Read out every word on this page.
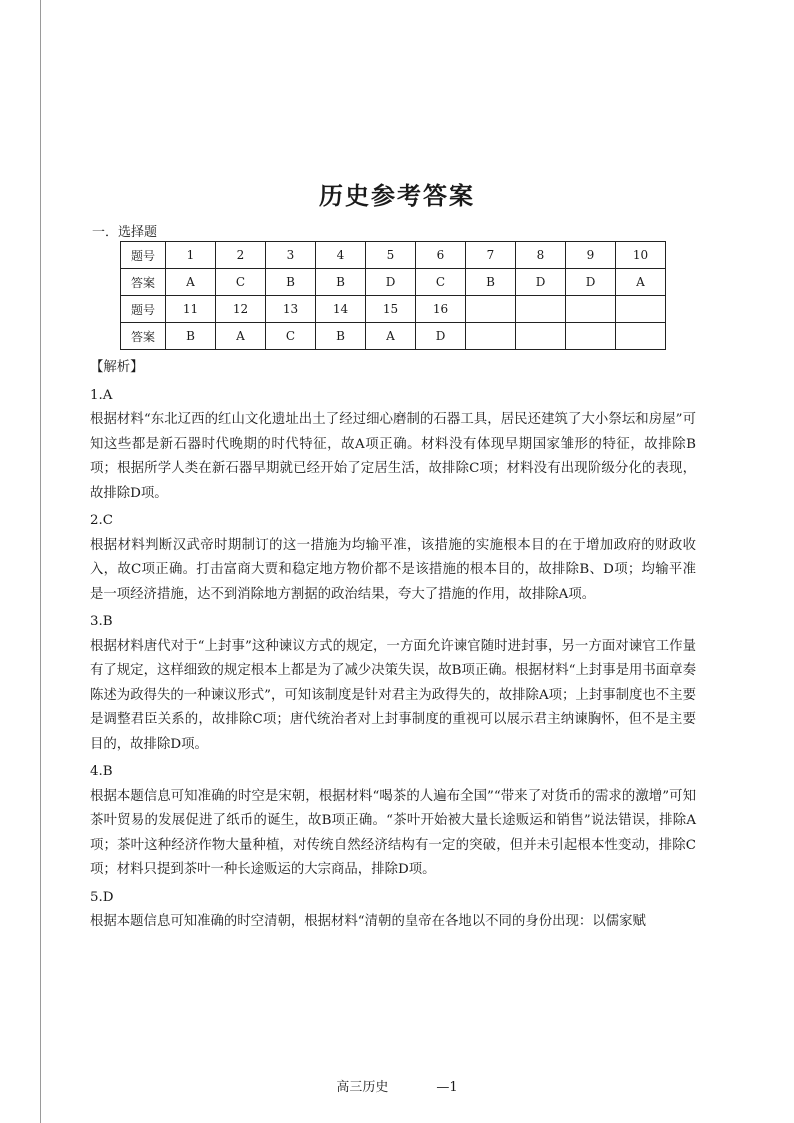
历史参考答案
一．选择题
题号	1	2	3	4	5	6	7	8	9	10
答案	A	C	B	B	D	C	B	D	D	A
题号	11	12	13	14	15	16				
答案	B	A	C	B	A	D				

【解析】

1.A

根据材料“东北辽西的红山文化遗址出土了经过细心磨制的石器工具，居民还建筑了大小祭坛和房屋”可知这些都是新石器时代晚期的时代特征，故A项正确。材料没有体现早期国家雏形的特征，故排除B项；根据所学人类在新石器早期就已经开始了定居生活，故排除C项；材料没有出现阶级分化的表现，故排除D项。

2.C

根据材料判断汉武帝时期制订的这一措施为均输平准，该措施的实施根本目的在于增加政府的财政收入，故C项正确。打击富商大贾和稳定地方物价都不是该措施的根本目的，故排除B、D项；均输平准是一项经济措施，达不到消除地方割据的政治结果，夸大了措施的作用，故排除A项。

3.B

根据材料唐代对于“上封事”这种谏议方式的规定，一方面允许谏官随时进封事，另一方面对谏官工作量有了规定，这样细致的规定根本上都是为了减少决策失误，故B项正确。根据材料“上封事是用书面章奏陈述为政得失的一种谏议形式”，可知该制度是针对君主为政得失的，故排除A项；上封事制度也不主要是调整君臣关系的，故排除C项；唐代统治者对上封事制度的重视可以展示君主纳谏胸怀，但不是主要目的，故排除D项。

4.B

根据本题信息可知准确的时空是宋朝，根据材料“喝茶的人遍布全国”“带来了对货币的需求的激增”可知茶叶贸易的发展促进了纸币的诞生，故B项正确。“茶叶开始被大量长途贩运和销售”说法错误，排除A项；茶叶这种经济作物大量种植，对传统自然经济结构有一定的突破，但并未引起根本性变动，排除C项；材料只提到茶叶一种长途贩运的大宗商品，排除D项。

5.D

根据本题信息可知准确的时空清朝，根据材料“清朝的皇帝在各地以不同的身份出现：以儒家赋

高三历史	—1
